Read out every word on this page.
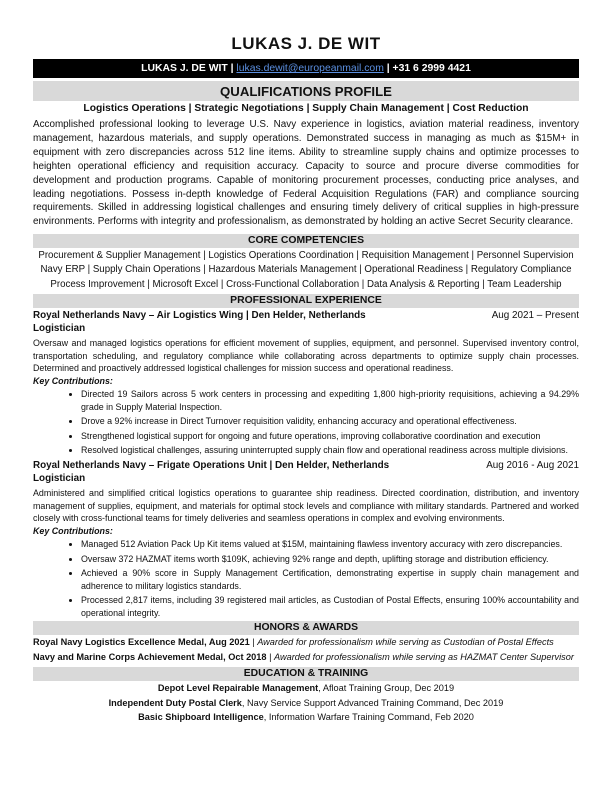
LUKAS J. DE WIT
LUKAS J. DE WIT | lukas.dewit@europeanmail.com | +31 6 2999 4421
QUALIFICATIONS PROFILE
Logistics Operations | Strategic Negotiations | Supply Chain Management | Cost Reduction

Accomplished professional looking to leverage U.S. Navy experience in logistics, aviation material readiness, inventory management, hazardous materials, and supply operations. Demonstrated success in managing as much as $15M+ in equipment with zero discrepancies across 512 line items. Ability to streamline supply chains and optimize processes to heighten operational efficiency and requisition accuracy. Capacity to source and procure diverse commodities for development and production programs. Capable of monitoring procurement processes, conducting price analyses, and leading negotiations. Possess in-depth knowledge of Federal Acquisition Regulations (FAR) and compliance sourcing requirements. Skilled in addressing logistical challenges and ensuring timely delivery of critical supplies in high-pressure environments. Performs with integrity and professionalism, as demonstrated by holding an active Secret Security clearance.

CORE COMPETENCIES
Procurement & Supplier Management | Logistics Operations Coordination | Requisition Management | Personnel Supervision
Navy ERP | Supply Chain Operations | Hazardous Materials Management | Operational Readiness | Regulatory Compliance
Process Improvement | Microsoft Excel | Cross-Functional Collaboration | Data Analysis & Reporting | Team Leadership
PROFESSIONAL EXPERIENCE
Royal Netherlands Navy – Air Logistics Wing | Den Helder, Netherlands	Aug 2021 – Present
Logistician

Oversaw and managed logistics operations for efficient movement of supplies, equipment, and personnel. Supervised inventory control, transportation scheduling, and regulatory compliance while collaborating across departments to optimize supply chain processes. Determined and proactively addressed logistical challenges for mission success and operational readiness.

Key Contributions:
• Directed 19 Sailors across 5 work centers in processing and expediting 1,800 high-priority requisitions, achieving a 94.29% grade in Supply Material Inspection.
• Drove a 92% increase in Direct Turnover requisition validity, enhancing accuracy and operational effectiveness.
• Strengthened logistical support for ongoing and future operations, improving collaborative coordination and execution
• Resolved logistical challenges, assuring uninterrupted supply chain flow and operational readiness across multiple divisions.
Royal Netherlands Navy – Frigate Operations Unit | Den Helder, Netherlands	Aug 2016 - Aug 2021
Logistician

Administered and simplified critical logistics operations to guarantee ship readiness. Directed coordination, distribution, and inventory management of supplies, equipment, and materials for optimal stock levels and compliance with military standards. Partnered and worked closely with cross-functional teams for timely deliveries and seamless operations in complex and evolving environments.

Key Contributions:
• Managed 512 Aviation Pack Up Kit items valued at $15M, maintaining flawless inventory accuracy with zero discrepancies.
• Oversaw 372 HAZMAT items worth $109K, achieving 92% range and depth, uplifting storage and distribution efficiency.
• Achieved a 90% score in Supply Management Certification, demonstrating expertise in supply chain management and adherence to military logistics standards.
• Processed 2,817 items, including 39 registered mail articles, as Custodian of Postal Effects, ensuring 100% accountability and operational integrity.
HONORS & AWARDS
Royal Navy Logistics Excellence Medal, Aug 2021 | Awarded for professionalism while serving as Custodian of Postal Effects
Navy and Marine Corps Achievement Medal, Oct 2018 | Awarded for professionalism while serving as HAZMAT Center Supervisor
EDUCATION & TRAINING
Depot Level Repairable Management, Afloat Training Group, Dec 2019
Independent Duty Postal Clerk, Navy Service Support Advanced Training Command, Dec 2019
Basic Shipboard Intelligence, Information Warfare Training Command, Feb 2020
